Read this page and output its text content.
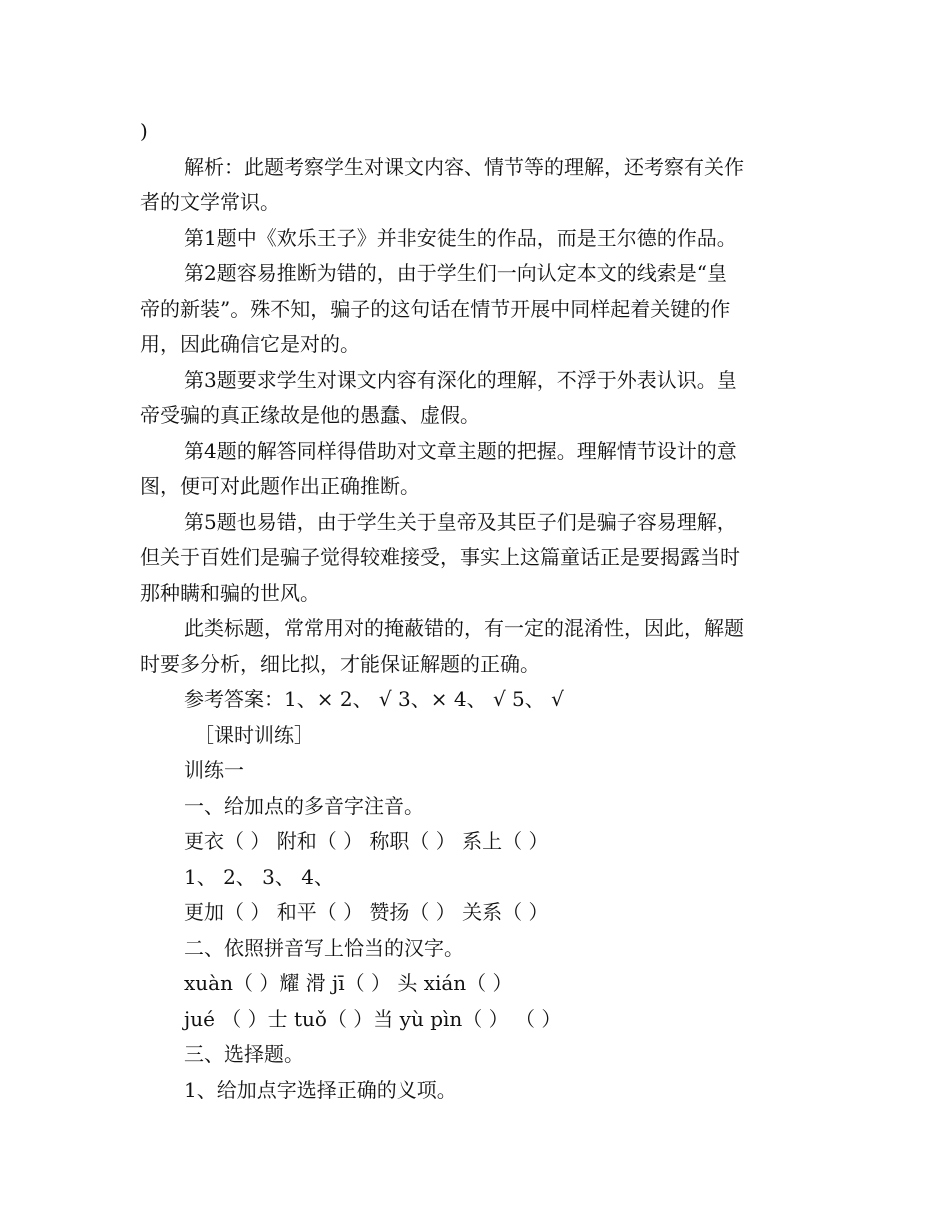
)
解析：此题考察学生对课文内容、情节等的理解，还考察有关作
者的文学常识。
第1题中《欢乐王子》并非安徒生的作品，而是王尔德的作品。
第2题容易推断为错的，由于学生们一向认定本文的线索是“皇
帝的新装”。殊不知，骗子的这句话在情节开展中同样起着关键的作
用，因此确信它是对的。
第3题要求学生对课文内容有深化的理解，不浮于外表认识。皇
帝受骗的真正缘故是他的愚蠢、虚假。
第4题的解答同样得借助对文章主题的把握。理解情节设计的意
图，便可对此题作出正确推断。
第5题也易错，由于学生关于皇帝及其臣子们是骗子容易理解，
但关于百姓们是骗子觉得较难接受，事实上这篇童话正是要揭露当时
那种瞒和骗的世风。
此类标题，常常用对的掩蔽错的，有一定的混淆性，因此，解题
时要多分析，细比拟，才能保证解题的正确。
参考答案：1、× 2、 √ 3、× 4、 √ 5、 √
［课时训练］
训练一
一、给加点的多音字注音。
更衣（ ） 附和（ ） 称职（ ） 系上（ ）
1、 2、 3、 4、
更加（ ） 和平（ ） 赞扬（ ） 关系（ ）
二、依照拼音写上恰当的汉字。
xuàn（ ）耀 滑 jī（ ） 头 xián（ ）
jué （ ）士 tuǒ（ ）当 yù pìn（ ） （ ）
三、选择题。
1、给加点字选择正确的义项。
